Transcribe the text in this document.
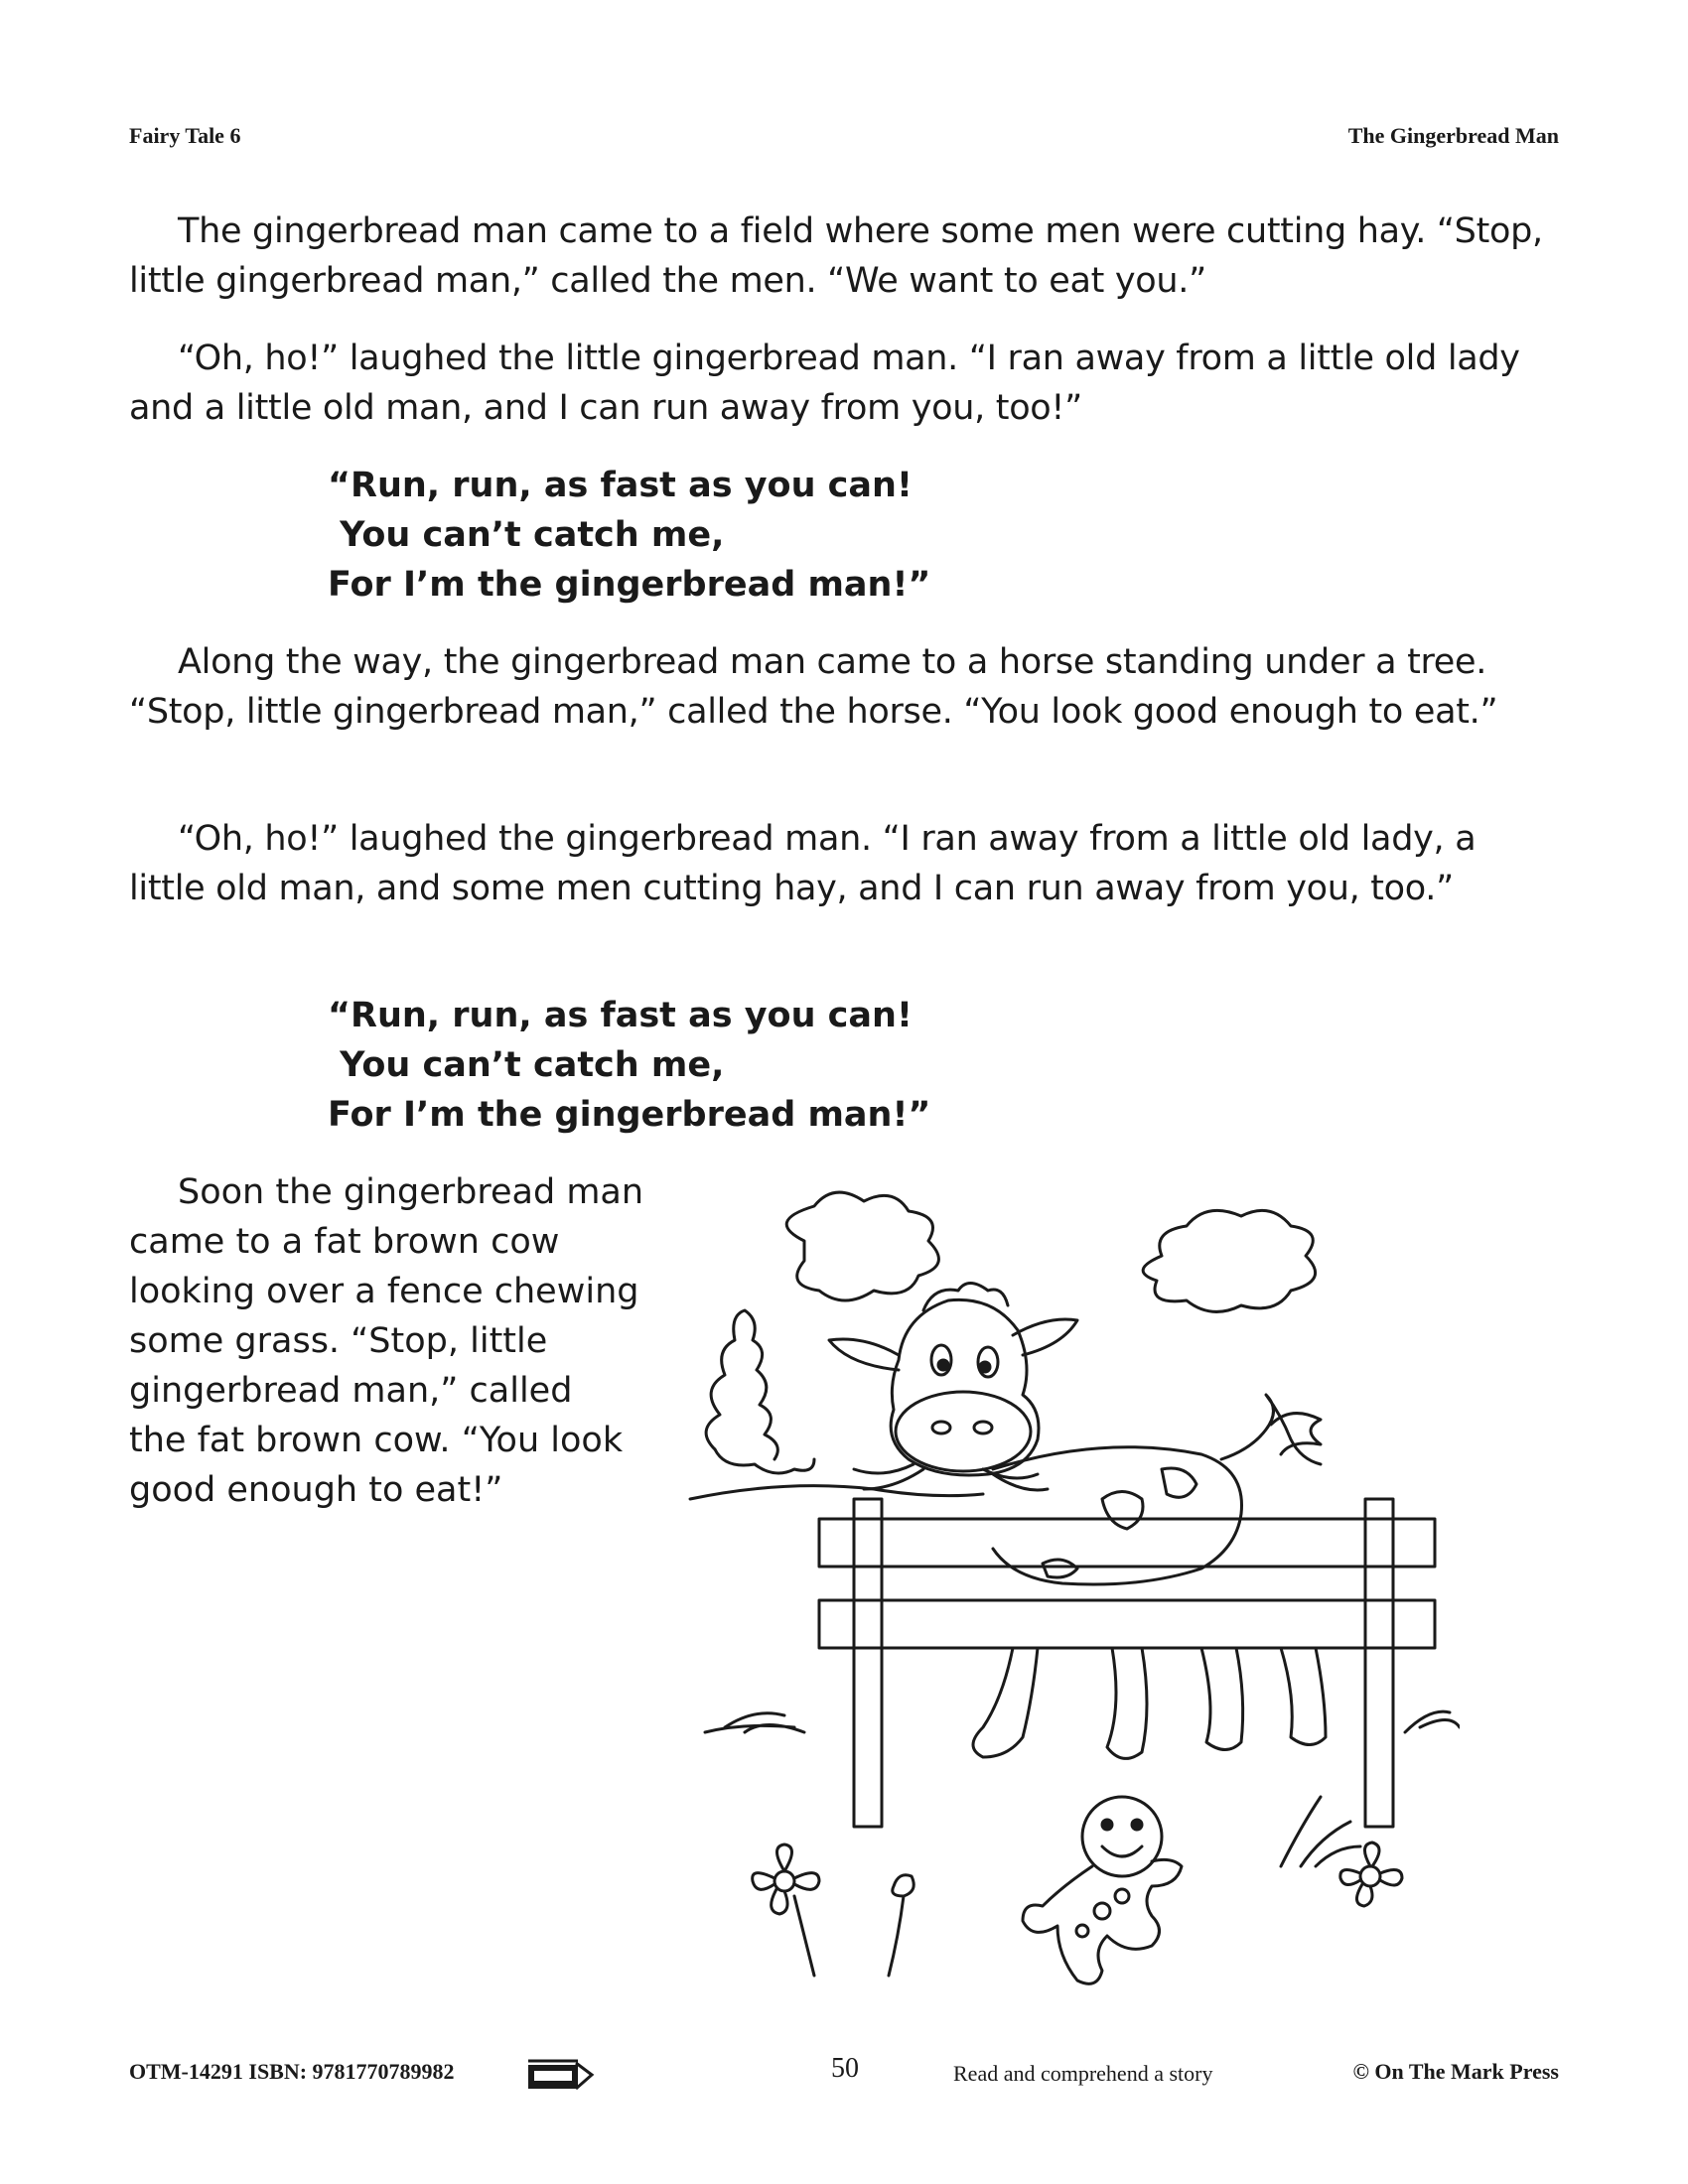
Fairy Tale 6	The Gingerbread Man

The gingerbread man came to a field where some men were cutting hay. “Stop, little gingerbread man,” called the men. “We want to eat you.”

“Oh, ho!” laughed the little gingerbread man. “I ran away from a little old lady and a little old man, and I can run away from you, too!”

“Run, run, as fast as you can!
You can’t catch me,
For I’m the gingerbread man!”

Along the way, the gingerbread man came to a horse standing under a tree. “Stop, little gingerbread man,” called the horse. “You look good enough to eat.”

“Oh, ho!” laughed the gingerbread man. “I ran away from a little old lady, a little old man, and some men cutting hay, and I can run away from you, too.”

“Run, run, as fast as you can!
You can’t catch me,
For I’m the gingerbread man!”
Soon the gingerbread man
came to a fat brown cow
looking over a fence chewing
some grass. “Stop, little
gingerbread man,” called
the fat brown cow. “You look
good enough to eat!”
OTM-14291 ISBN: 9781770789982	50	Read and comprehend a story	© On The Mark Press
